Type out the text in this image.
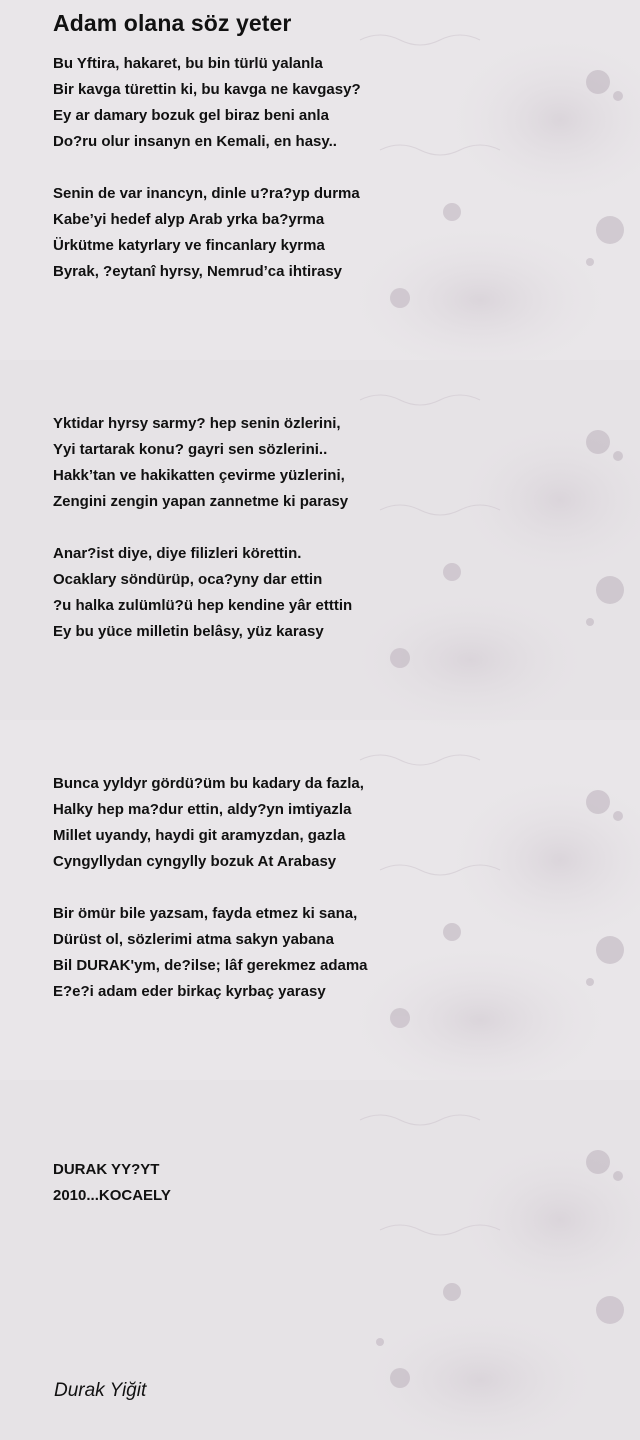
Adam olana söz yeter
Bu Yftira, hakaret, bu bin türlü yalanla
Bir kavga türettin ki, bu kavga ne kavgasy?
Ey ar damary bozuk gel biraz beni anla
Do?ru olur insanyn en Kemali, en hasy..
Senin de var inancyn, dinle u?ra?yp durma
Kabe’yi hedef alyp Arab yrka ba?yrma
Ürkütme katyrlary ve fincanlary kyrma
Byrak, ?eytanî hyrsy, Nemrud’ca ihtirasy
Yktidar hyrsy sarmy? hep senin özlerini,
Yyi tartarak konu? gayri sen sözlerini..
Hakk’tan ve hakikatten çevirme yüzlerini,
Zengini zengin yapan zannetme ki parasy
Anar?ist diye, diye filizleri körettin.
Ocaklary söndürüp, oca?yny dar ettin
?u halka zulümlü?ü hep kendine yâr etttin
Ey bu yüce milletin belâsy, yüz karasy
Bunca yyldyr gördü?üm bu kadary da fazla,
Halky hep ma?dur ettin, aldy?yn imtiyazla
Millet uyandy, haydi git aramyzdan, gazla
Cyngyllydan cyngylly bozuk At Arabasy
Bir ömür bile yazsam, fayda etmez ki sana,
Dürüst ol, sözlerimi atma sakyn yabana
Bil DURAK'ym, de?ilse; lâf gerekmez adama
E?e?i adam eder birkaç kyrbaç yarasy
DURAK YY?YT
2010...KOCAELY
Durak Yiğit
